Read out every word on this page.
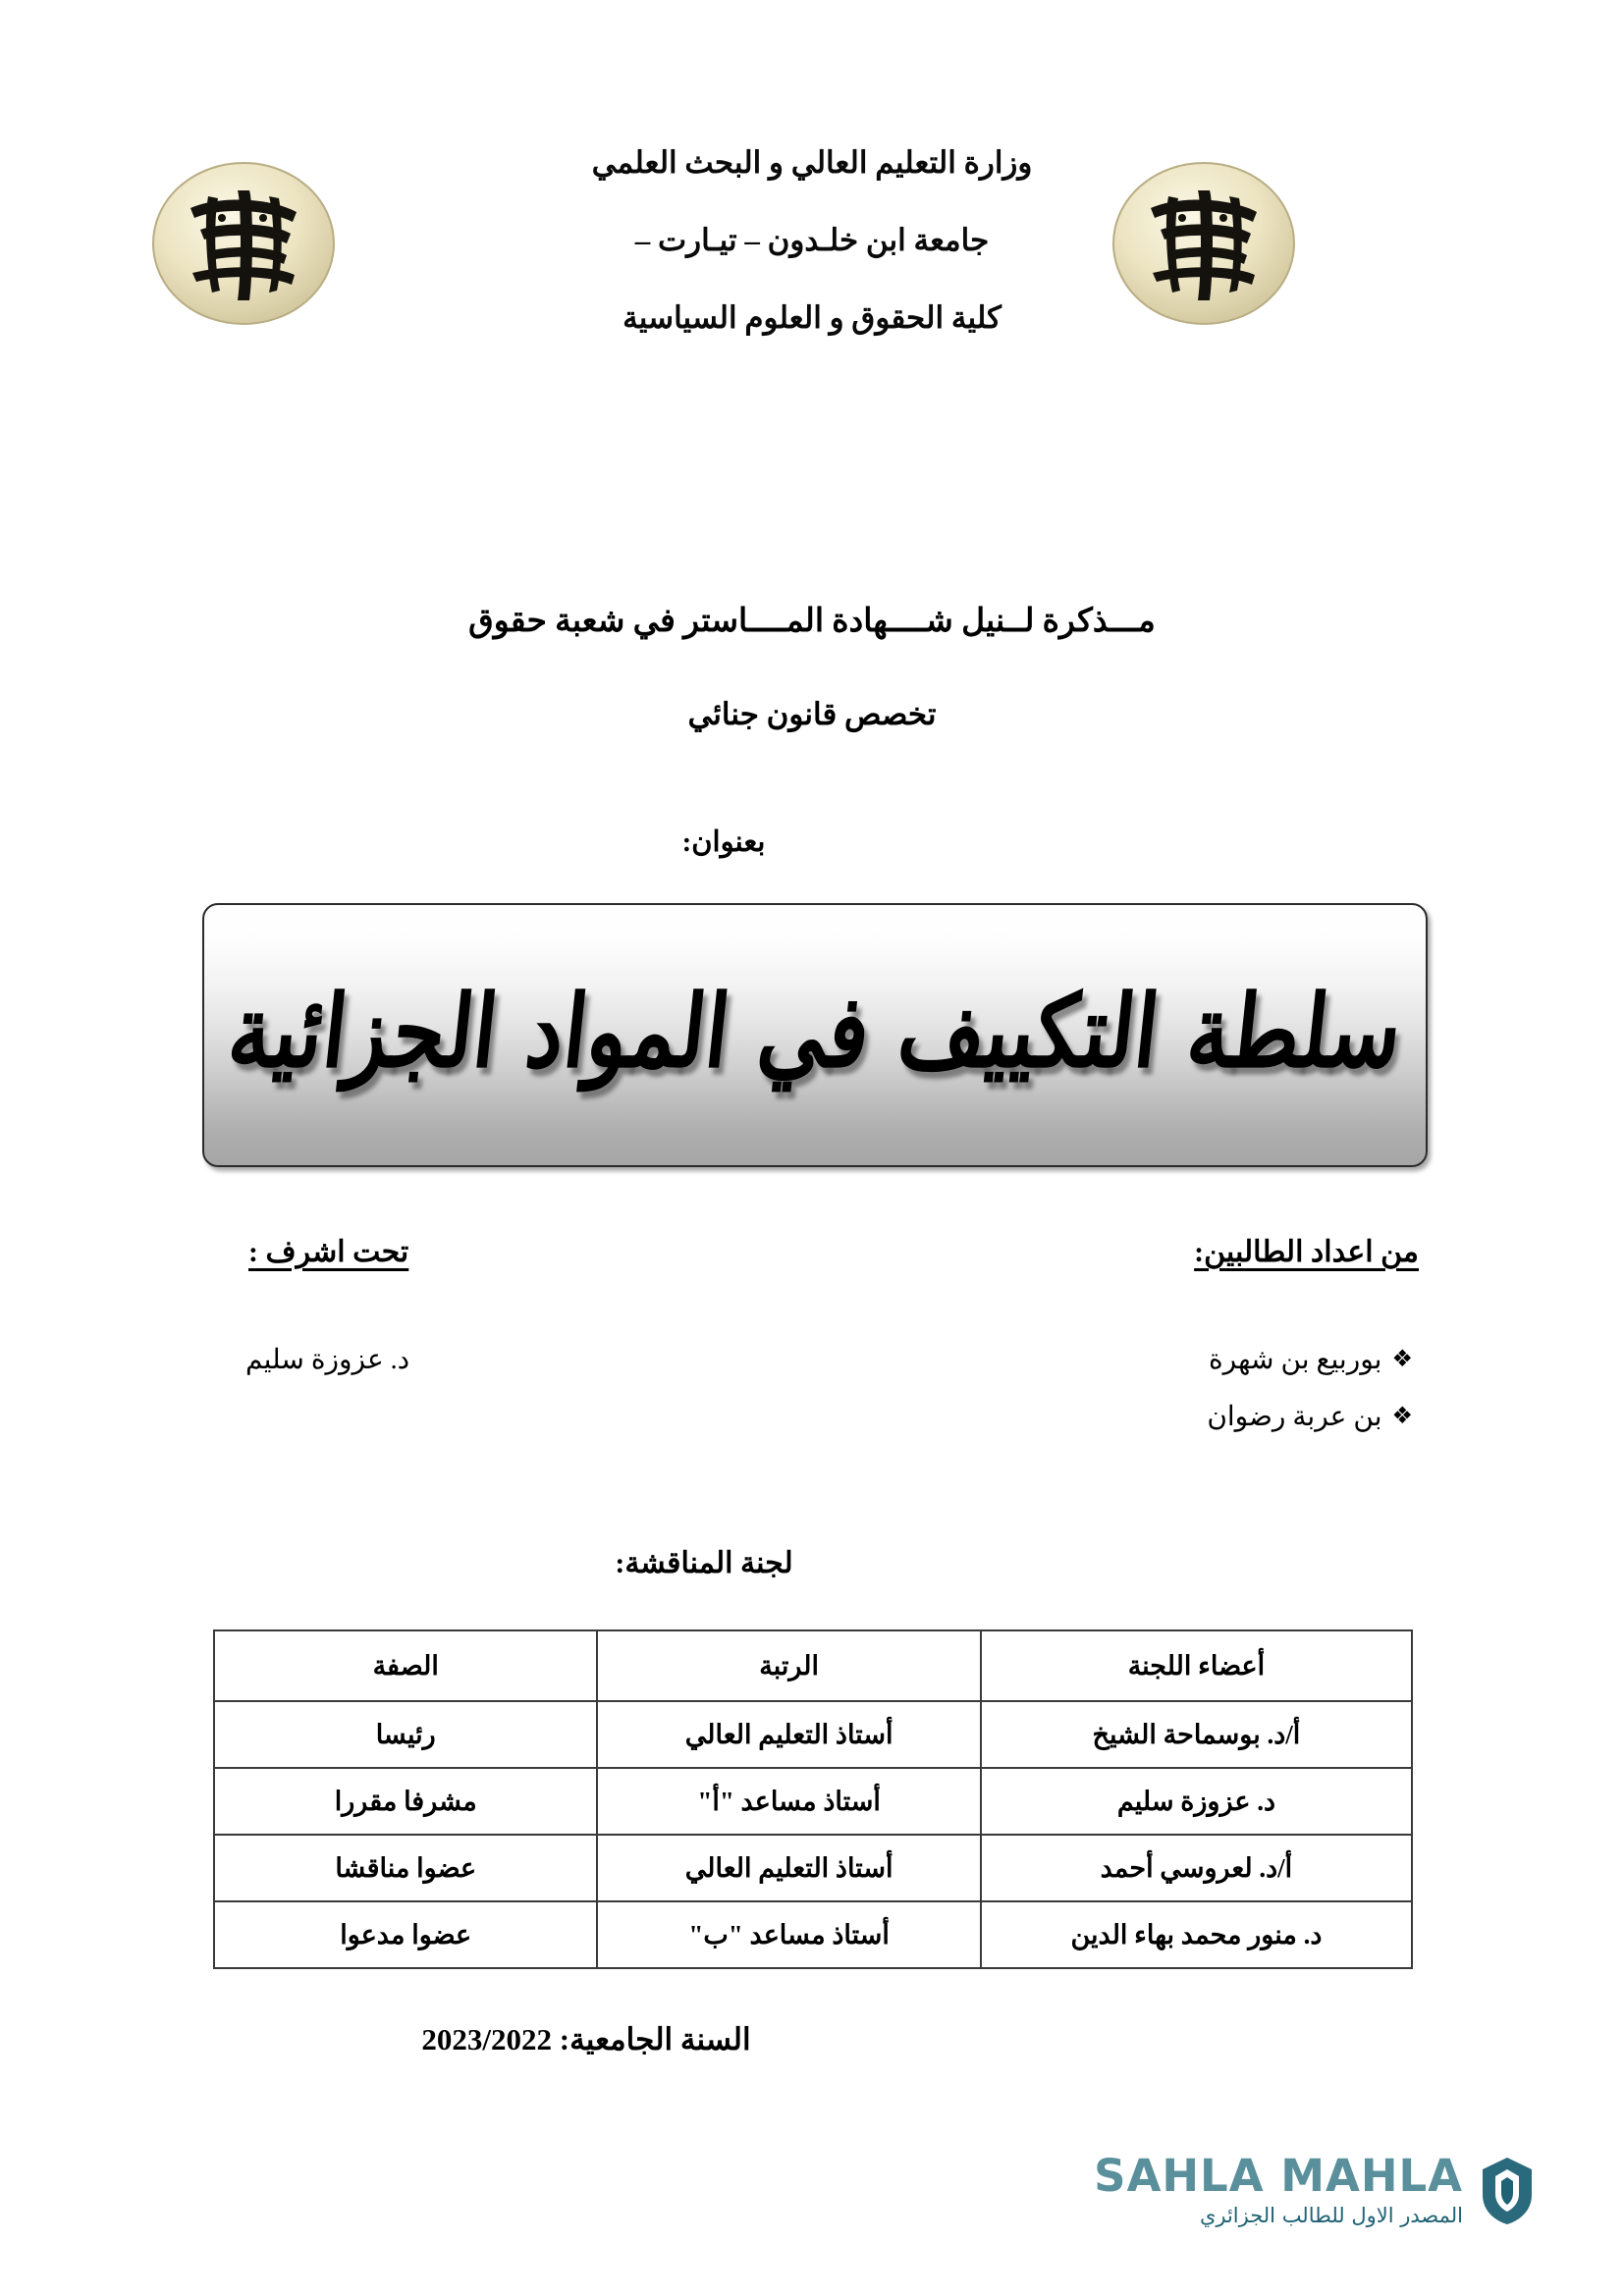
وزارة التعليم العالي و البحث العلمي
جامعة ابن خلـدون – تيـارت –
كلية الحقوق و العلوم السياسية
مـــذكرة لــنيل شــــهادة المــــاستر في شعبة حقوق
تخصص قانون جنائي
بعنوان:
سلطة التكييف في المواد الجزائية
من اعداد الطالبين:
تحت اشرف :
❖بوربيع بن شهرة
❖بن عربة رضوان
د. عزوزة سليم
لجنة المناقشة:
أعضاء اللجنة	الرتبة	الصفة
أ/د. بوسماحة الشيخ	أستاذ التعليم العالي	رئيسا
د. عزوزة سليم	أستاذ مساعد "أ"	مشرفا مقررا
أ/د. لعروسي أحمد	أستاذ التعليم العالي	عضوا مناقشا
د. منور محمد بهاء الدين	أستاذ مساعد "ب"	عضوا مدعوا
السنة الجامعية: 2023/2022
SAHLA MAHLA
المصدر الاول للطالب الجزائري
